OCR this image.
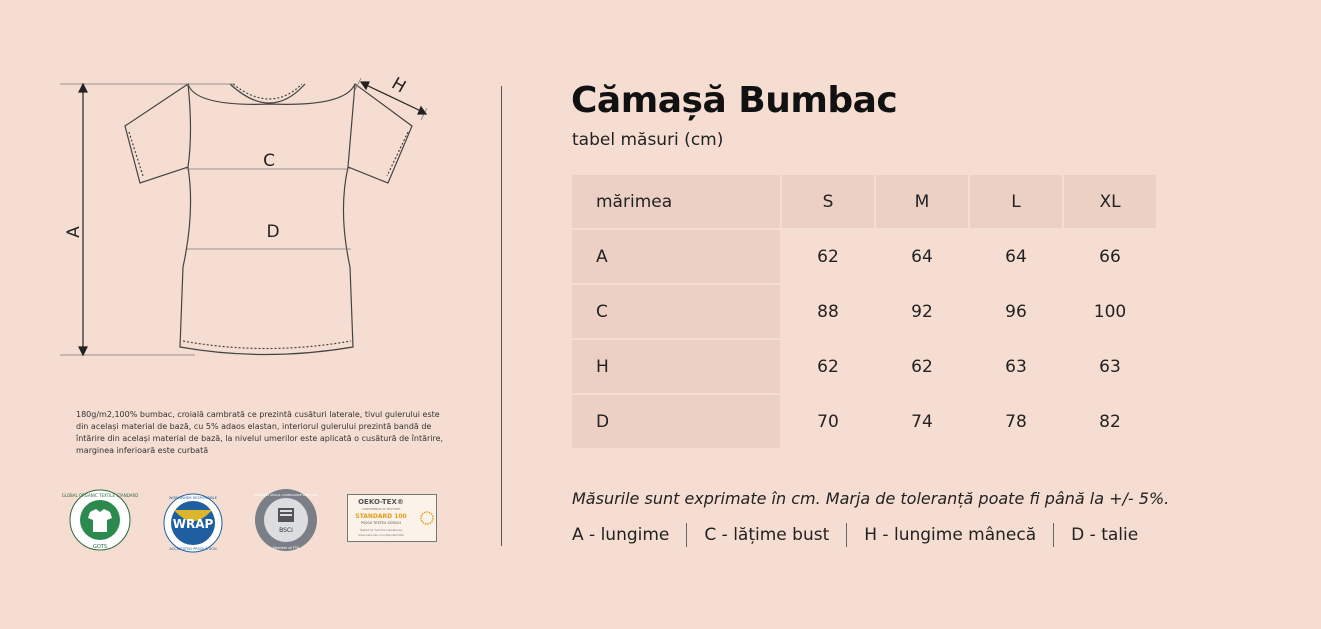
A
C
D
H
180g/m2,100% bumbac, croială cambrată ce prezintă cusături laterale, tivul gulerului este din același material de bază, cu 5% adaos elastan, interiorul gulerului prezintă bandă de întărire din același material de bază, la nivelul umerilor este aplicată o cusătură de întărire, marginea inferioară este curbată
GLOBAL ORGANIC TEXTILE STANDARD
GOTS
WRAP
WORLDWIDE RESPONSIBLE
ACCREDITED PRODUCTION
BSCI
BUSINESS SOCIAL COMPLIANCE INITIATIVE
Member of FTA
OEKO-TEX®
CONFIDENCE IN TEXTILES
STANDARD 100
P0000 TESTEX ZÜRICH
Tested for harmful substances
www.oeko-tex.com/standard100
Cămașă Bumbac
tabel măsuri (cm)
mărimea	S	M	L	XL
A	62	64	64	66
C	88	92	96	100
H	62	62	63	63
D	70	74	78	82
Măsurile sunt exprimate în cm. Marja de toleranță poate fi până la +/- 5%.
A - lungime C - lățime bust H - lungime mânecă D - talie
